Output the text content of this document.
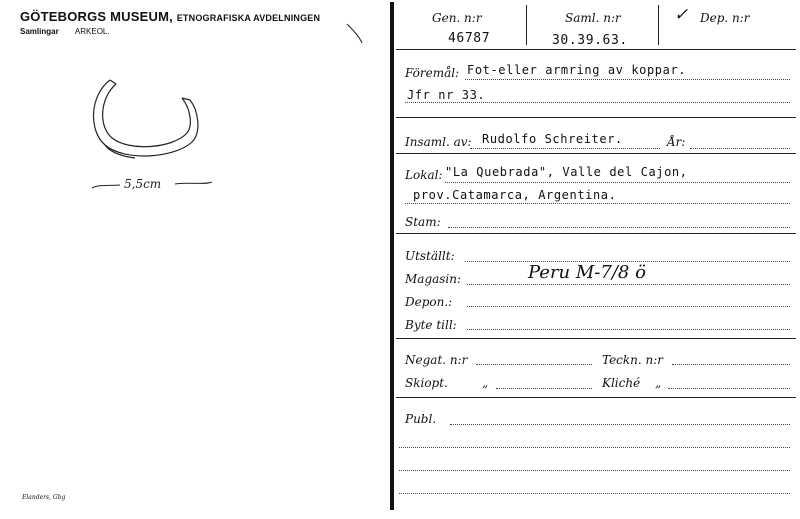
GÖTEBORGS MUSEUM, ETNOGRAFISKA AVDELNINGEN
Samlingar ARKEOL.
5,5cm
Elanders, Gbg
Gen. n:r
46787
Saml. n:r
30.39.63.
✓ Dep. n:r
Föremål: Fot-eller armring av koppar.
Jfr nr 33.
Insaml. av: Rudolfo Schreiter.	År:
Lokal: "La Quebrada", Valle del Cajon,
prov.Catamarca, Argentina.
Stam:
Utställt:
Magasin:	Peru M-7/8 ö
Depon.:
Byte till:
Negat. n:r	Teckn. n:r
Skiopt.	„	Kliché „
Publ.
